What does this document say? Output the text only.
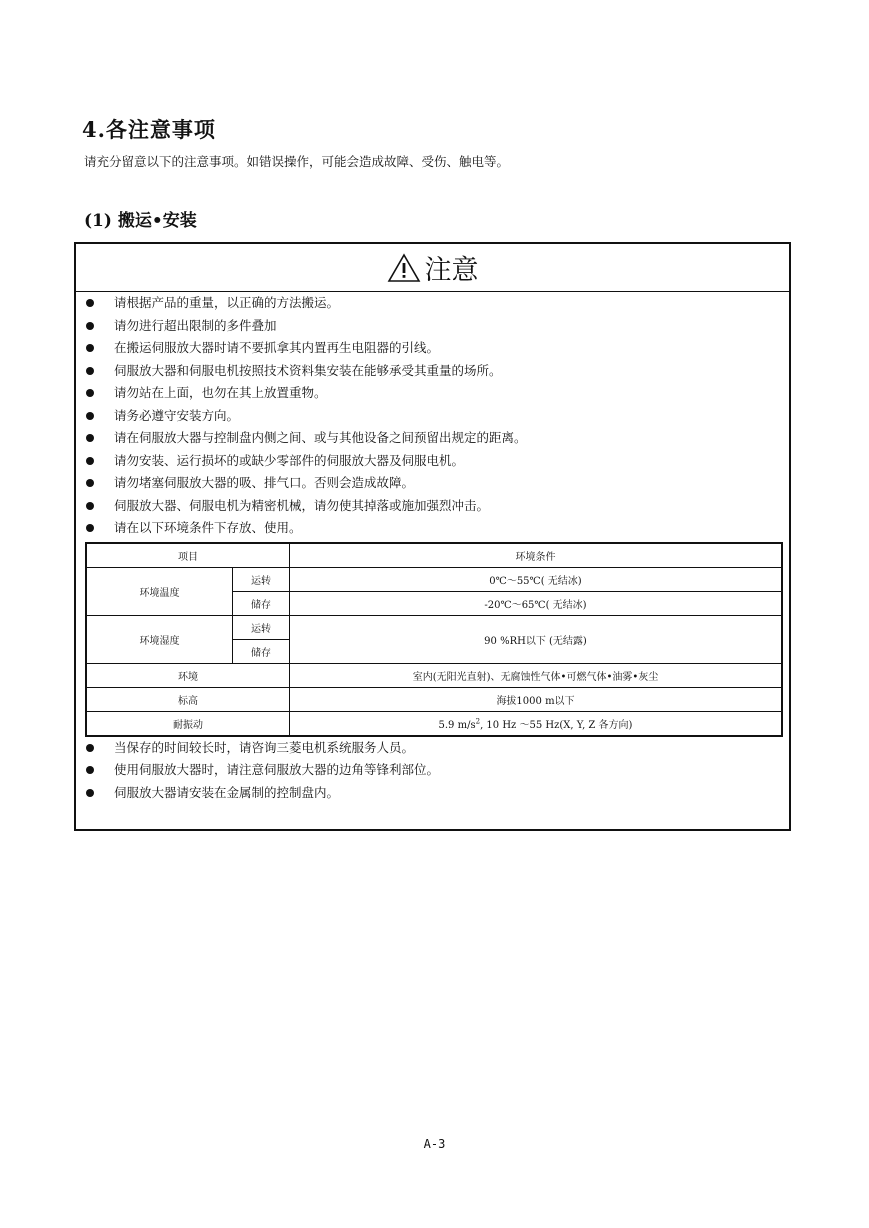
4.各注意事项
请充分留意以下的注意事项。如错误操作，可能会造成故障、受伤、触电等。
(1) 搬运•安装
注意
请根据产品的重量，以正确的方法搬运。
请勿进行超出限制的多件叠加
在搬运伺服放大器时请不要抓拿其内置再生电阻器的引线。
伺服放大器和伺服电机按照技术资料集安装在能够承受其重量的场所。
请勿站在上面，也勿在其上放置重物。
请务必遵守安装方向。
请在伺服放大器与控制盘内侧之间、或与其他设备之间预留出规定的距离。
请勿安装、运行损坏的或缺少零部件的伺服放大器及伺服电机。
请勿堵塞伺服放大器的吸、排气口。否则会造成故障。
伺服放大器、伺服电机为精密机械，请勿使其掉落或施加强烈冲击。
请在以下环境条件下存放、使用。
项目		环境条件
环境温度	运转	0℃～55℃( 无结冰)
	储存	-20℃～65℃( 无结冰)
环境湿度	运转	90 %RH以下 (无结露)
	储存	
环境		室内(无阳光直射)、无腐蚀性气体•可燃气体•油雾•灰尘
标高		海拔1000 m以下
耐振动		5.9 $m/s^2$, 10 Hz ～55 Hz(X, Y, Z 各方向)
当保存的时间较长时，请咨询三菱电机系统服务人员。
使用伺服放大器时，请注意伺服放大器的边角等锋利部位。
伺服放大器请安装在金属制的控制盘内。
A-3
